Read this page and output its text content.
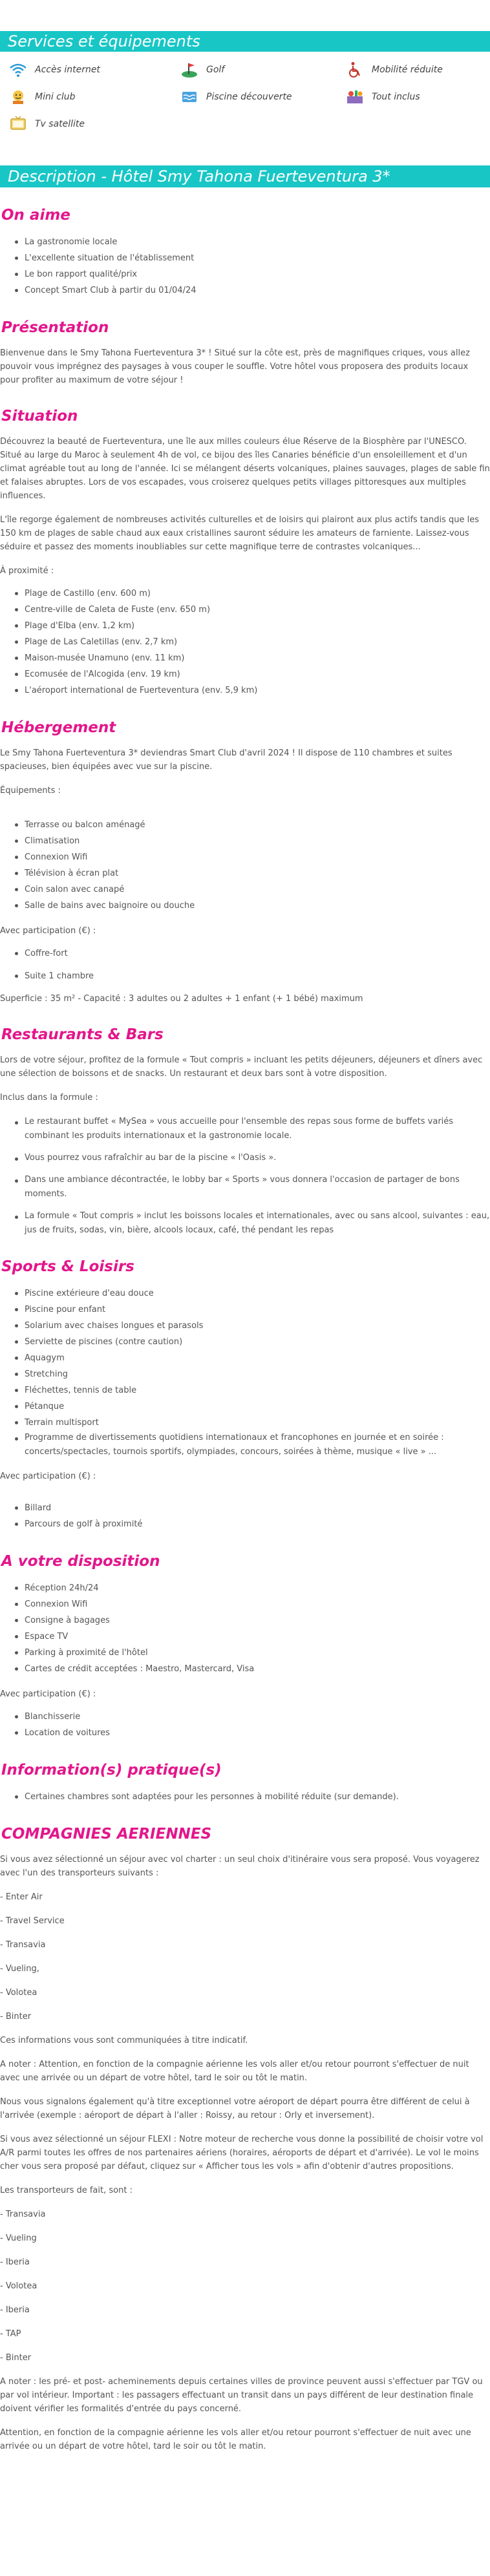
Services et équipements
Accès internet	Golf	Mobilité réduite
Mini club	Piscine découverte	Tout inclus
Tv satellite
Description - Hôtel Smy Tahona Fuerteventura 3*
On aime
La gastronomie locale
L'excellente situation de l'établissement
Le bon rapport qualité/prix
Concept Smart Club à partir du 01/04/24
Présentation

Bienvenue dans le Smy Tahona Fuerteventura 3* ! Situé sur la côte est, près de magnifiques criques, vous allez pouvoir vous imprégnez des paysages à vous couper le souffle. Votre hôtel vous proposera des produits locaux pour profiter au maximum de votre séjour !

Situation

Découvrez la beauté de Fuerteventura, une île aux milles couleurs élue Réserve de la Biosphère par l'UNESCO. Situé au large du Maroc à seulement 4h de vol, ce bijou des îles Canaries bénéficie d'un ensoleillement et d'un climat agréable tout au long de l'année. Ici se mélangent déserts volcaniques, plaines sauvages, plages de sable fin et falaises abruptes. Lors de vos escapades, vous croiserez quelques petits villages pittoresques aux multiples influences.

L'île regorge également de nombreuses activités culturelles et de loisirs qui plairont aux plus actifs tandis que les 150 km de plages de sable chaud aux eaux cristallines sauront séduire les amateurs de farniente. Laissez-vous séduire et passez des moments inoubliables sur cette magnifique terre de contrastes volcaniques...

À proximité :

Plage de Castillo (env. 600 m)
Centre-ville de Caleta de Fuste (env. 650 m)
Plage d'Elba (env. 1,2 km)
Plage de Las Caletillas (env. 2,7 km)
Maison-musée Unamuno (env. 11 km)
Ecomusée de l'Alcogida (env. 19 km)
L'aéroport international de Fuerteventura (env. 5,9 km)
Hébergement

Le Smy Tahona Fuerteventura 3* deviendras Smart Club d'avril 2024 ! Il dispose de 110 chambres et suites spacieuses, bien équipées avec vue sur la piscine.

Équipements :

Terrasse ou balcon aménagé
Climatisation
Connexion Wifi
Télévision à écran plat
Coin salon avec canapé
Salle de bains avec baignoire ou douche

Avec participation (€) :

Coffre-fort
Suite 1 chambre

Superficie : 35 m² - Capacité : 3 adultes ou 2 adultes + 1 enfant (+ 1 bébé) maximum

Restaurants & Bars

Lors de votre séjour, profitez de la formule « Tout compris » incluant les petits déjeuners, déjeuners et dîners avec une sélection de boissons et de snacks. Un restaurant et deux bars sont à votre disposition.

Inclus dans la formule :

Le restaurant buffet « MySea » vous accueille pour l'ensemble des repas sous forme de buffets variés combinant les produits internationaux et la gastronomie locale.
Vous pourrez vous rafraîchir au bar de la piscine « l'Oasis ».
Dans une ambiance décontractée, le lobby bar « Sports » vous donnera l'occasion de partager de bons moments.
La formule « Tout compris » inclut les boissons locales et internationales, avec ou sans alcool, suivantes : eau, jus de fruits, sodas, vin, bière, alcools locaux, café, thé pendant les repas
Sports & Loisirs
Piscine extérieure d'eau douce
Piscine pour enfant
Solarium avec chaises longues et parasols
Serviette de piscines (contre caution)
Aquagym
Stretching
Fléchettes, tennis de table
Pétanque
Terrain multisport
Programme de divertissements quotidiens internationaux et francophones en journée et en soirée : concerts/spectacles, tournois sportifs, olympiades, concours, soirées à thème, musique « live » ...

Avec participation (€) :

Billard
Parcours de golf à proximité
A votre disposition
Réception 24h/24
Connexion Wifi
Consigne à bagages
Espace TV
Parking à proximité de l'hôtel
Cartes de crédit acceptées : Maestro, Mastercard, Visa

Avec participation (€) :

Blanchisserie
Location de voitures
Information(s) pratique(s)
Certaines chambres sont adaptées pour les personnes à mobilité réduite (sur demande).
COMPAGNIES AERIENNES

Si vous avez sélectionné un séjour avec vol charter : un seul choix d'itinéraire vous sera proposé. Vous voyagerez avec l'un des transporteurs suivants :

- Enter Air

- Travel Service

- Transavia

- Vueling,

- Volotea

- Binter

Ces informations vous sont communiquées à titre indicatif.

A noter : Attention, en fonction de la compagnie aérienne les vols aller et/ou retour pourront s'effectuer de nuit avec une arrivée ou un départ de votre hôtel, tard le soir ou tôt le matin.

Nous vous signalons également qu'à titre exceptionnel votre aéroport de départ pourra être différent de celui à l'arrivée (exemple : aéroport de départ à l'aller : Roissy, au retour : Orly et inversement).

Si vous avez sélectionné un séjour FLEXI : Notre moteur de recherche vous donne la possibilité de choisir votre vol A/R parmi toutes les offres de nos partenaires aériens (horaires, aéroports de départ et d'arrivée). Le vol le moins cher vous sera proposé par défaut, cliquez sur « Afficher tous les vols » afin d'obtenir d'autres propositions.

Les transporteurs de fait, sont :

- Transavia

- Vueling

- Iberia

- Volotea

- Iberia

- TAP

- Binter

A noter : les pré- et post- acheminements depuis certaines villes de province peuvent aussi s'effectuer par TGV ou par vol intérieur. Important : les passagers effectuant un transit dans un pays différent de leur destination finale doivent vérifier les formalités d'entrée du pays concerné.

Attention, en fonction de la compagnie aérienne les vols aller et/ou retour pourront s'effectuer de nuit avec une arrivée ou un départ de votre hôtel, tard le soir ou tôt le matin.
